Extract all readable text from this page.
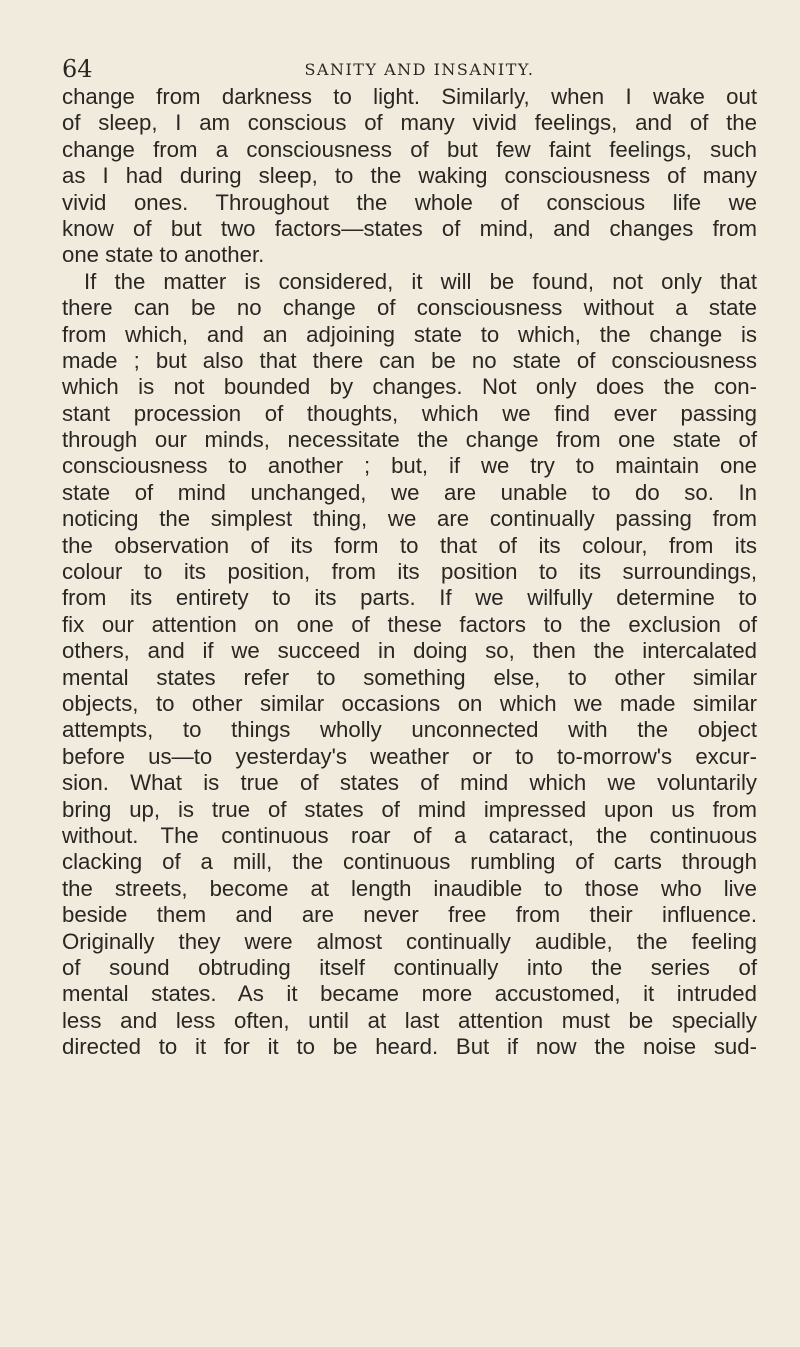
64	SANITY AND INSANITY.
change from darkness to light. Similarly, when I wake out
of sleep, I am conscious of many vivid feelings, and of the
change from a consciousness of but few faint feelings, such
as I had during sleep, to the waking consciousness of many
vivid ones. Throughout the whole of conscious life we
know of but two factors—states of mind, and changes from
one state to another.
If the matter is considered, it will be found, not only that
there can be no change of consciousness without a state
from which, and an adjoining state to which, the change is
made ; but also that there can be no state of consciousness
which is not bounded by changes. Not only does the con-
stant procession of thoughts, which we find ever passing
through our minds, necessitate the change from one state of
consciousness to another ; but, if we try to maintain one
state of mind unchanged, we are unable to do so. In
noticing the simplest thing, we are continually passing from
the observation of its form to that of its colour, from its
colour to its position, from its position to its surroundings,
from its entirety to its parts. If we wilfully determine to
fix our attention on one of these factors to the exclusion of
others, and if we succeed in doing so, then the intercalated
mental states refer to something else, to other similar
objects, to other similar occasions on which we made similar
attempts, to things wholly unconnected with the object
before us—to yesterday's weather or to to-morrow's excur-
sion. What is true of states of mind which we voluntarily
bring up, is true of states of mind impressed upon us from
without. The continuous roar of a cataract, the continuous
clacking of a mill, the continuous rumbling of carts through
the streets, become at length inaudible to those who live
beside them and are never free from their influence.
Originally they were almost continually audible, the feeling
of sound obtruding itself continually into the series of
mental states. As it became more accustomed, it intruded
less and less often, until at last attention must be specially
directed to it for it to be heard. But if now the noise sud-
